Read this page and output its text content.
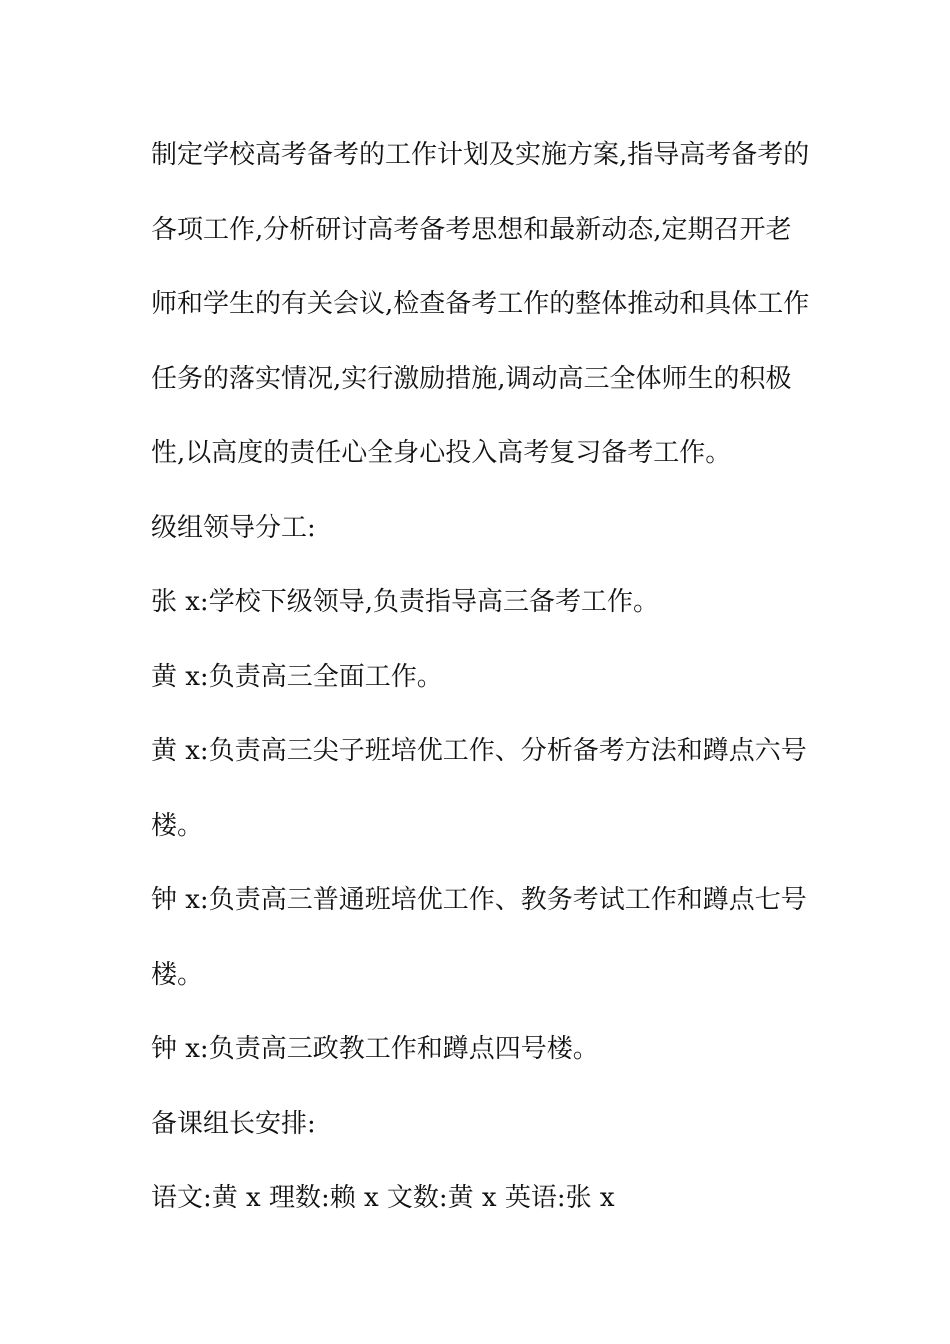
制定学校高考备考的工作计划及实施方案,指导高考备考的

各项工作,分析研讨高考备考思想和最新动态,定期召开老

师和学生的有关会议,检查备考工作的整体推动和具体工作

任务的落实情况,实行激励措施,调动高三全体师生的积极

性,以高度的责任心全身心投入高考复习备考工作。

级组领导分工:

张 x:学校下级领导,负责指导高三备考工作。

黄 x:负责高三全面工作。

黄 x:负责高三尖子班培优工作、分析备考方法和蹲点六号

楼。

钟 x:负责高三普通班培优工作、教务考试工作和蹲点七号

楼。

钟 x:负责高三政教工作和蹲点四号楼。

备课组长安排:

语文:黄 x 理数:赖 x 文数:黄 x 英语:张 x
